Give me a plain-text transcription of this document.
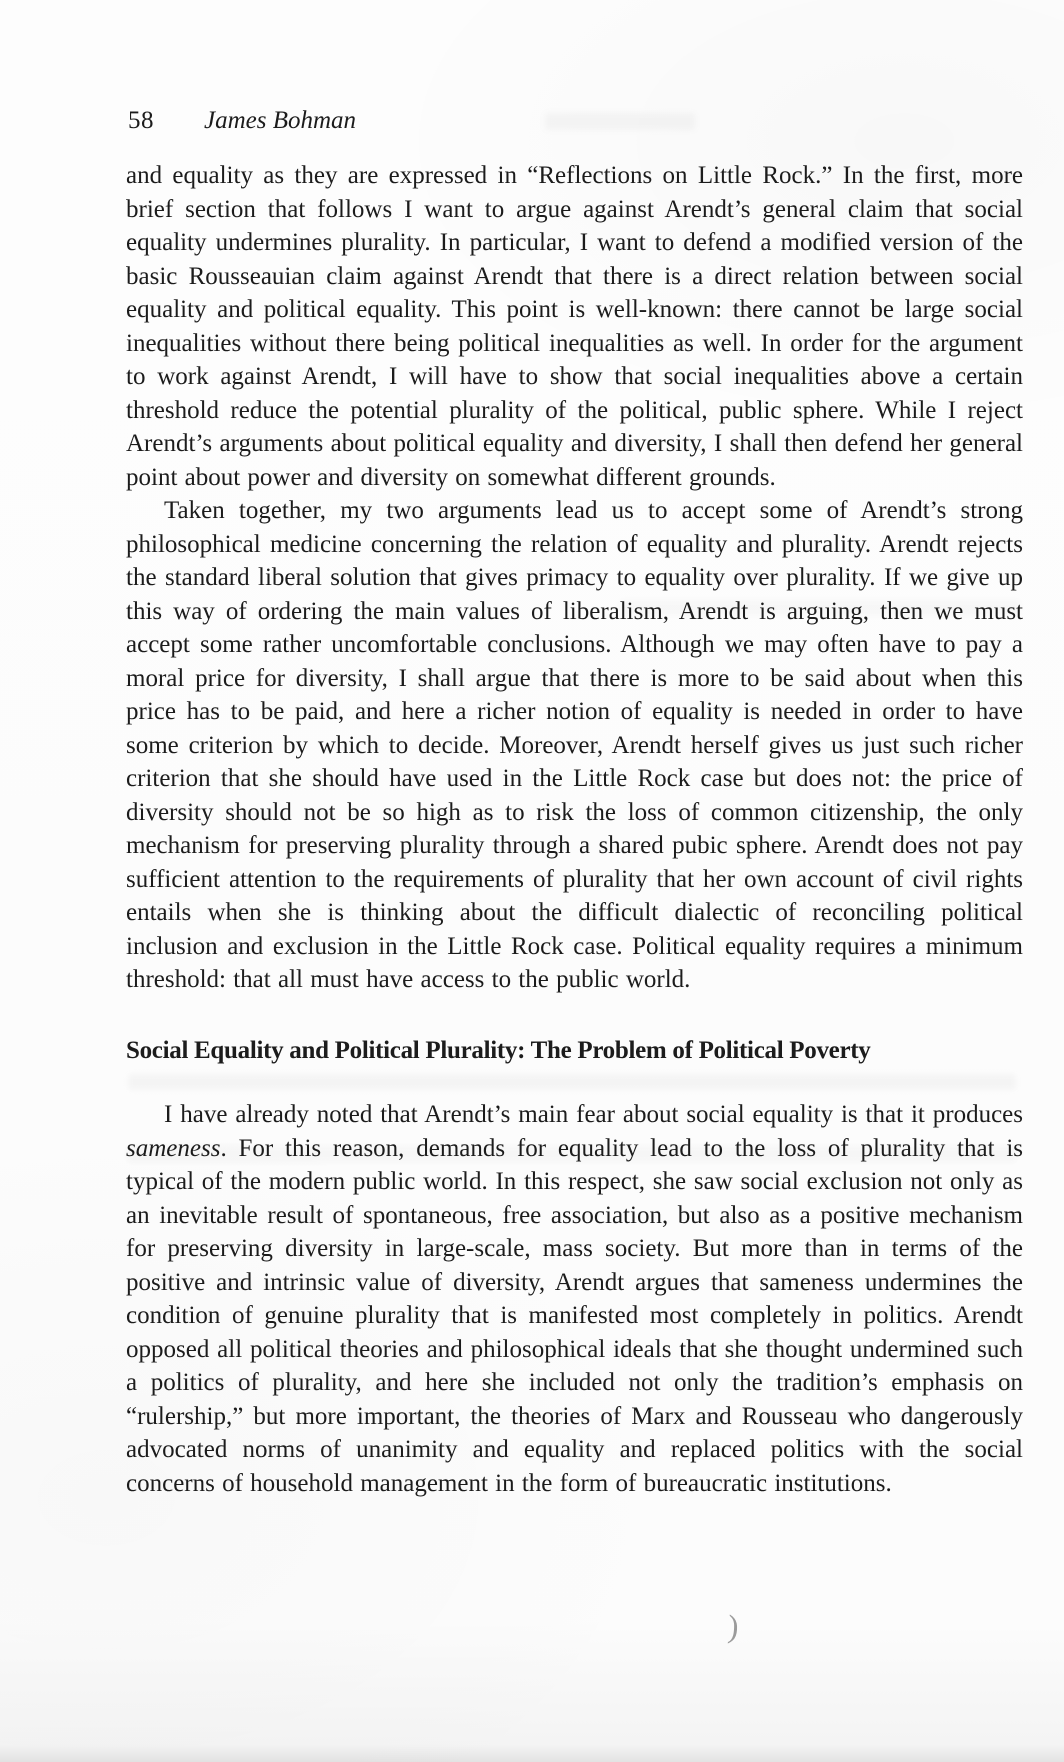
58 James Bohman

and equality as they are expressed in “Reflections on Little Rock.” In the first, more brief section that follows I want to argue against Arendt’s general claim that social equality undermines plurality. In particular, I want to defend a modified version of the basic Rousseauian claim against Arendt that there is a direct relation between social equality and political equality. This point is well-known: there cannot be large social inequalities without there being political inequalities as well. In order for the argument to work against Arendt, I will have to show that social inequalities above a certain threshold reduce the potential plurality of the political, public sphere. While I reject Arendt’s arguments about political equality and diversity, I shall then defend her general point about power and diversity on somewhat different grounds.

Taken together, my two arguments lead us to accept some of Arendt’s strong philosophical medicine concerning the relation of equality and plurality. Arendt rejects the standard liberal solution that gives primacy to equality over plurality. If we give up this way of ordering the main values of liberalism, Arendt is arguing, then we must accept some rather uncomfortable conclusions. Although we may often have to pay a moral price for diversity, I shall argue that there is more to be said about when this price has to be paid, and here a richer notion of equality is needed in order to have some criterion by which to decide. Moreover, Arendt herself gives us just such richer criterion that she should have used in the Little Rock case but does not: the price of diversity should not be so high as to risk the loss of common citizenship, the only mechanism for preserving plurality through a shared pubic sphere. Arendt does not pay sufficient attention to the requirements of plurality that her own account of civil rights entails when she is thinking about the difficult dialectic of reconciling political inclusion and exclusion in the Little Rock case. Political equality requires a minimum threshold: that all must have access to the public world.

Social Equality and Political Plurality: The Problem of Political Poverty

I have already noted that Arendt’s main fear about social equality is that it produces sameness. For this reason, demands for equality lead to the loss of plurality that is typical of the modern public world. In this respect, she saw social exclusion not only as an inevitable result of spontaneous, free association, but also as a positive mechanism for preserving diversity in large-scale, mass society. But more than in terms of the positive and intrinsic value of diversity, Arendt argues that sameness undermines the condition of genuine plurality that is manifested most completely in politics. Arendt opposed all political theories and philosophical ideals that she thought undermined such a politics of plurality, and here she included not only the tradition’s emphasis on “rulership,” but more important, the theories of Marx and Rousseau who dangerously advocated norms of unanimity and equality and replaced politics with the social concerns of household management in the form of bureaucratic institutions.

)
